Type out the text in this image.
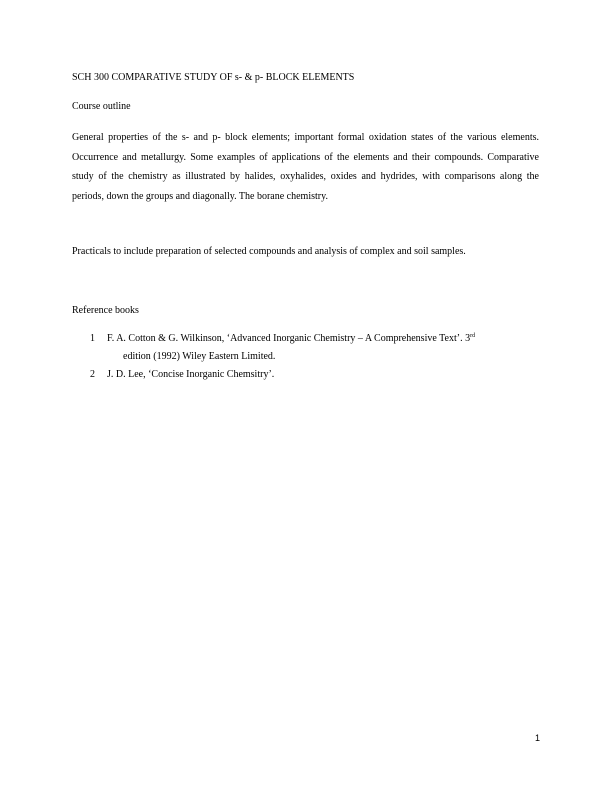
SCH 300 COMPARATIVE STUDY OF s- & p- BLOCK ELEMENTS
Course outline

General properties of the s- and p- block elements; important formal oxidation states of the various elements. Occurrence and metallurgy. Some examples of applications of the elements and their compounds. Comparative study of the chemistry as illustrated by halides, oxyhalides, oxides and hydrides, with comparisons along the periods, down the groups and diagonally. The borane chemistry.

Practicals to include preparation of selected compounds and analysis of complex and soil samples.

Reference books
1 F. A. Cotton & G. Wilkinson, ‘Advanced Inorganic Chemistry – A Comprehensive Text’. 3rd
edition (1992) Wiley Eastern Limited.
2 J. D. Lee, ‘Concise Inorganic Chemsitry’.
1
